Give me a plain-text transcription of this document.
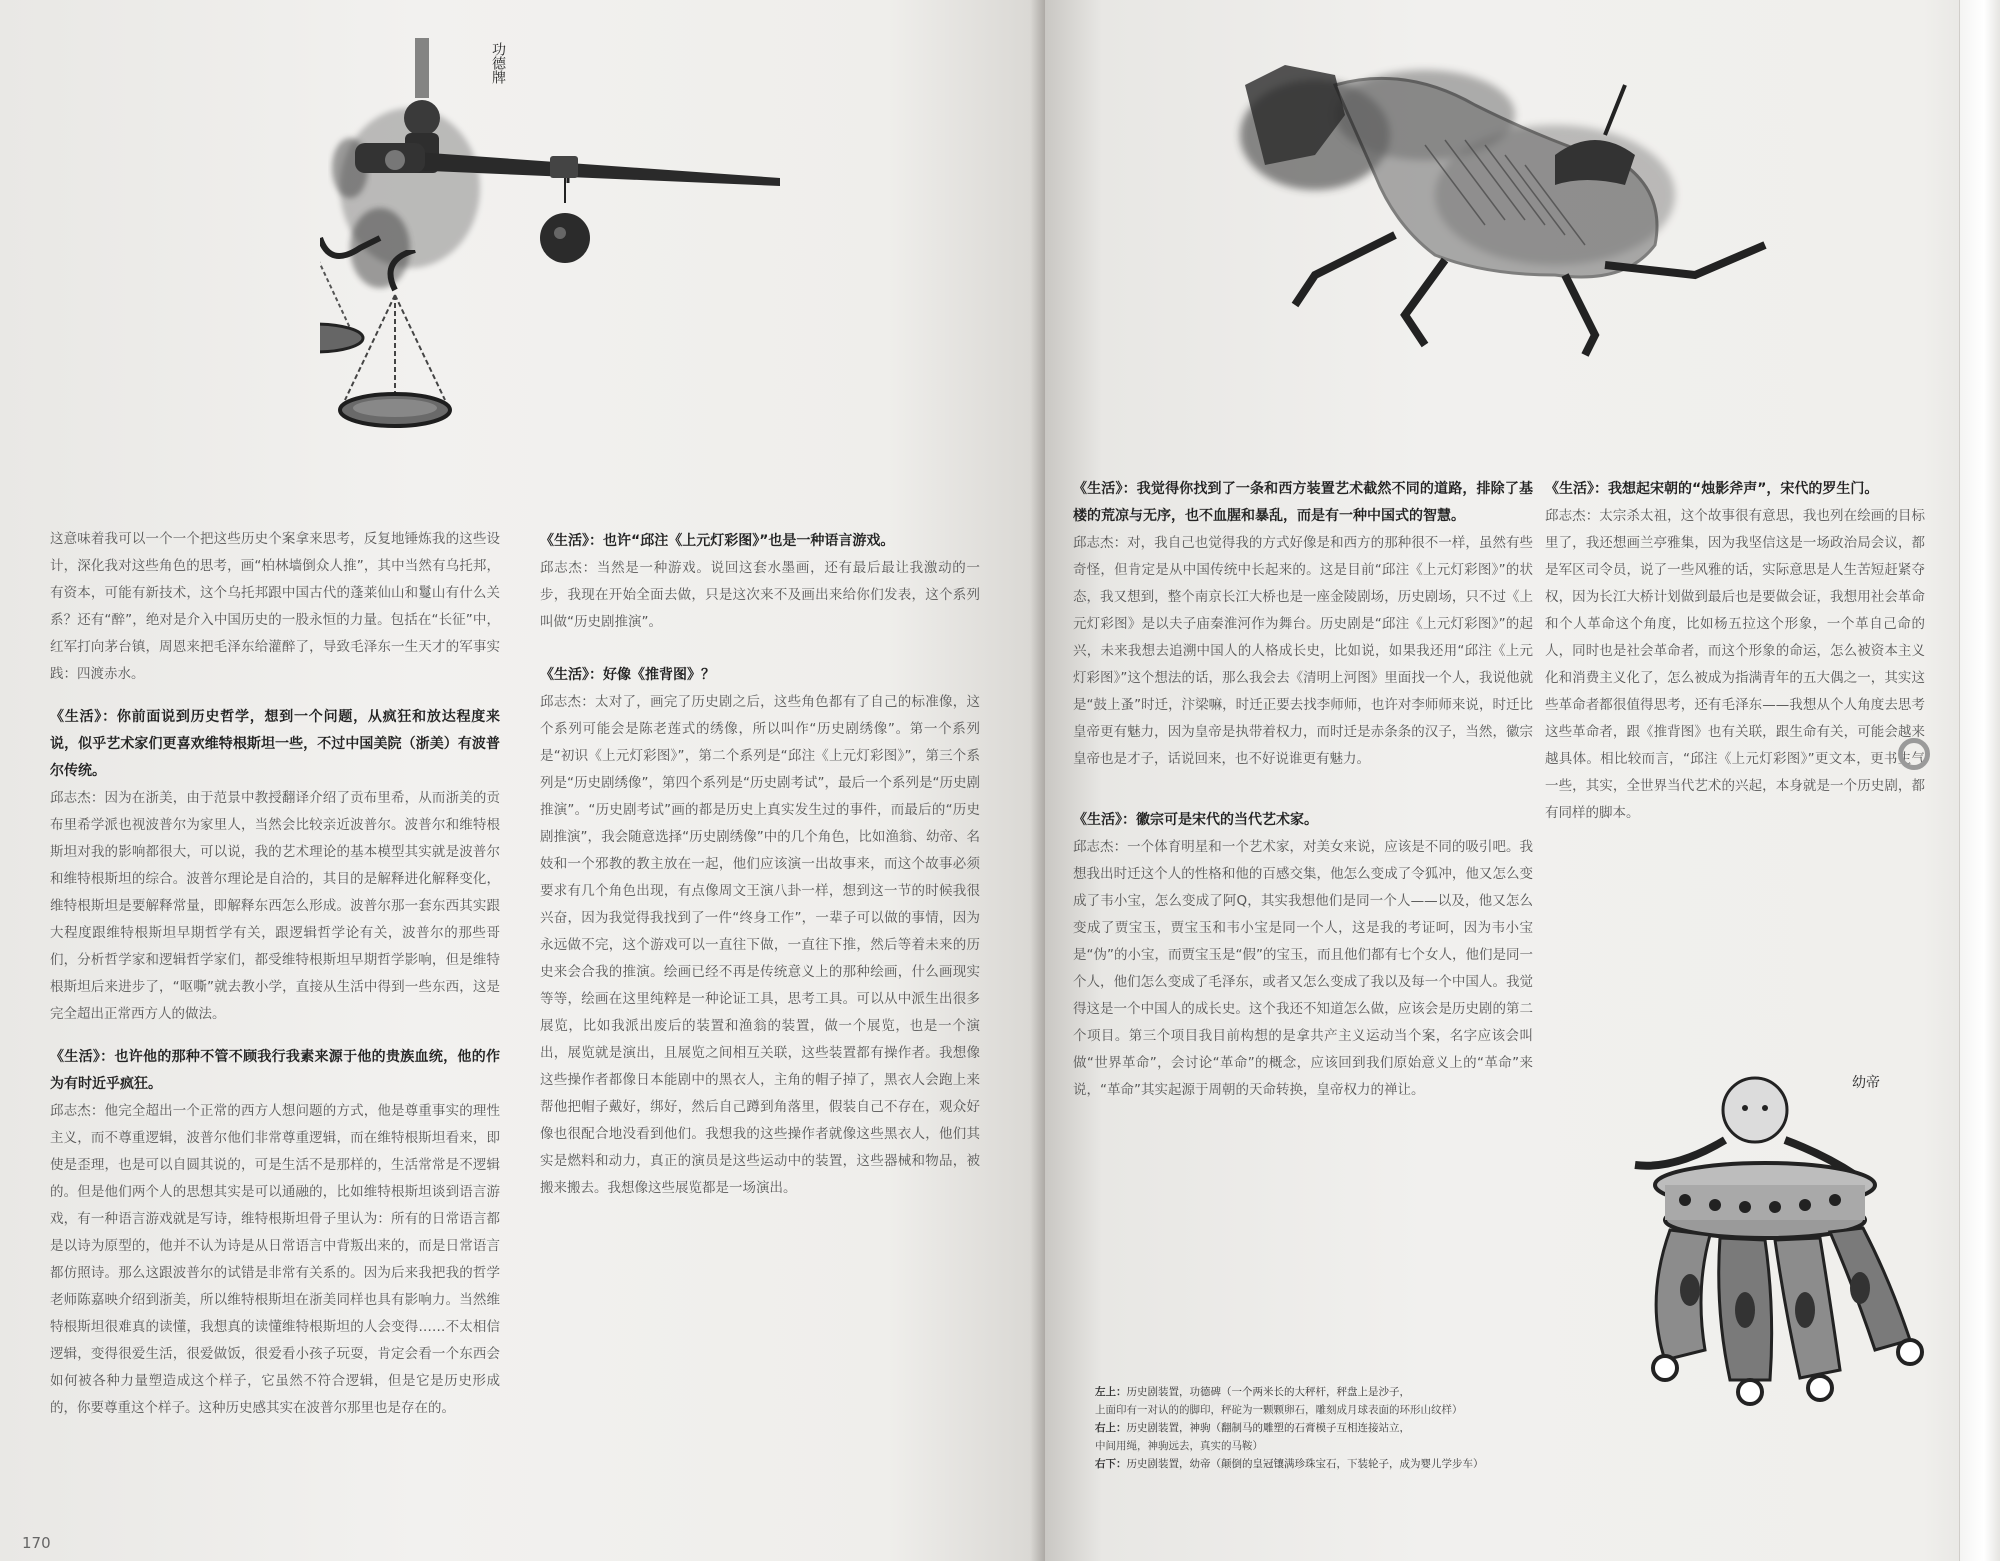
功德牌

这意味着我可以一个一个把这些历史个案拿来思考，反复地锤炼我的这些设计，深化我对这些角色的思考，画“柏林墙倒众人推”，其中当然有乌托邦，有资本，可能有新技术，这个乌托邦跟中国古代的蓬莱仙山和鬘山有什么关系？还有“醉”，绝对是介入中国历史的一股永恒的力量。包括在“长征”中，红军打向茅台镇，周恩来把毛泽东给灌醉了，导致毛泽东一生天才的军事实践：四渡赤水。

《生活》：你前面说到历史哲学，想到一个问题，从疯狂和放达程度来说，似乎艺术家们更喜欢维特根斯坦一些，不过中国美院（浙美）有波普尔传统。

邱志杰：因为在浙美，由于范景中教授翻译介绍了贡布里希，从而浙美的贡布里希学派也视波普尔为家里人，当然会比较亲近波普尔。波普尔和维特根斯坦对我的影响都很大，可以说，我的艺术理论的基本模型其实就是波普尔和维特根斯坦的综合。波普尔理论是自洽的，其目的是解释进化解释变化，维特根斯坦是要解释常量，即解释东西怎么形成。波普尔那一套东西其实跟大程度跟维特根斯坦早期哲学有关，跟逻辑哲学论有关，波普尔的那些哥们，分析哲学家和逻辑哲学家们，都受维特根斯坦早期哲学影响，但是维特根斯坦后来进步了，“呕嘶”就去教小学，直接从生活中得到一些东西，这是完全超出正常西方人的做法。

《生活》：也许他的那种不管不顾我行我素来源于他的贵族血统，他的作为有时近乎疯狂。

邱志杰：他完全超出一个正常的西方人想问题的方式，他是尊重事实的理性主义，而不尊重逻辑，波普尔他们非常尊重逻辑，而在维特根斯坦看来，即使是歪理，也是可以自圆其说的，可是生活不是那样的，生活常常是不逻辑的。但是他们两个人的思想其实是可以通融的，比如维特根斯坦谈到语言游戏，有一种语言游戏就是写诗，维特根斯坦骨子里认为：所有的日常语言都是以诗为原型的，他并不认为诗是从日常语言中背叛出来的，而是日常语言都仿照诗。那么这跟波普尔的试错是非常有关系的。因为后来我把我的哲学老师陈嘉映介绍到浙美，所以维特根斯坦在浙美同样也具有影响力。当然维特根斯坦很难真的读懂，我想真的读懂维特根斯坦的人会变得……不太相信逻辑，变得很爱生活，很爱做饭，很爱看小孩子玩耍，肯定会看一个东西会如何被各种力量塑造成这个样子，它虽然不符合逻辑，但是它是历史形成的，你要尊重这个样子。这种历史感其实在波普尔那里也是存在的。

《生活》：也许“邱注《上元灯彩图》”也是一种语言游戏。

邱志杰：当然是一种游戏。说回这套水墨画，还有最后最让我激动的一步，我现在开始全面去做，只是这次来不及画出来给你们发表，这个系列叫做“历史剧推演”。

《生活》：好像《推背图》？

邱志杰：太对了，画完了历史剧之后，这些角色都有了自己的标准像，这个系列可能会是陈老莲式的绣像，所以叫作“历史剧绣像”。第一个系列是“初识《上元灯彩图》”，第二个系列是“邱注《上元灯彩图》”，第三个系列是“历史剧绣像”，第四个系列是“历史剧考试”，最后一个系列是“历史剧推演”。“历史剧考试”画的都是历史上真实发生过的事件，而最后的“历史剧推演”，我会随意选择“历史剧绣像”中的几个角色，比如渔翁、幼帝、名妓和一个邪教的教主放在一起，他们应该演一出故事来，而这个故事必须要求有几个角色出现，有点像周文王演八卦一样，想到这一节的时候我很兴奋，因为我觉得我找到了一件“终身工作”，一辈子可以做的事情，因为永远做不完，这个游戏可以一直往下做，一直往下推，然后等着未来的历史来会合我的推演。绘画已经不再是传统意义上的那种绘画，什么画现实等等，绘画在这里纯粹是一种论证工具，思考工具。可以从中派生出很多展览，比如我派出废后的装置和渔翁的装置，做一个展览，也是一个演出，展览就是演出，且展览之间相互关联，这些装置都有操作者。我想像这些操作者都像日本能剧中的黑衣人，主角的帽子掉了，黑衣人会跑上来帮他把帽子戴好，绑好，然后自己蹲到角落里，假装自己不存在，观众好像也很配合地没看到他们。我想我的这些操作者就像这些黑衣人，他们其实是燃料和动力，真正的演员是这些运动中的装置，这些器械和物品，被搬来搬去。我想像这些展览都是一场演出。

170

《生活》：我觉得你找到了一条和西方装置艺术截然不同的道路，排除了基楼的荒凉与无序，也不血腥和暴乱，而是有一种中国式的智慧。

邱志杰：对，我自己也觉得我的方式好像是和西方的那种很不一样，虽然有些奇怪，但肯定是从中国传统中长起来的。这是目前“邱注《上元灯彩图》”的状态，我又想到，整个南京长江大桥也是一座金陵剧场，历史剧场，只不过《上元灯彩图》是以夫子庙秦淮河作为舞台。历史剧是“邱注《上元灯彩图》”的起兴，未来我想去追溯中国人的人格成长史，比如说，如果我还用“邱注《上元灯彩图》”这个想法的话，那么我会去《清明上河图》里面找一个人，我说他就是“鼓上蚤”时迁，汴梁嘛，时迁正要去找李师师，也许对李师师来说，时迁比皇帝更有魅力，因为皇帝是执带着权力，而时迁是赤条条的汉子，当然，徽宗皇帝也是才子，话说回来，也不好说谁更有魅力。

《生活》：徽宗可是宋代的当代艺术家。

邱志杰：一个体育明星和一个艺术家，对美女来说，应该是不同的吸引吧。我想我出时迁这个人的性格和他的百感交集，他怎么变成了令狐冲，他又怎么变成了韦小宝，怎么变成了阿Q，其实我想他们是同一个人——以及，他又怎么变成了贾宝玉，贾宝玉和韦小宝是同一个人，这是我的考证呵，因为韦小宝是“伪”的小宝，而贾宝玉是“假”的宝玉，而且他们都有七个女人，他们是同一个人，他们怎么变成了毛泽东，或者又怎么变成了我以及每一个中国人。我觉得这是一个中国人的成长史。这个我还不知道怎么做，应该会是历史剧的第二个项目。第三个项目我目前构想的是拿共产主义运动当个案，名字应该会叫做“世界革命”，会讨论“革命”的概念，应该回到我们原始意义上的“革命”来说，“革命”其实起源于周朝的天命转换，皇帝权力的禅让。

《生活》：我想起宋朝的“烛影斧声”，宋代的罗生门。

邱志杰：太宗杀太祖，这个故事很有意思，我也列在绘画的目标里了，我还想画兰亭雅集，因为我坚信这是一场政治局会议，都是军区司令员，说了一些风雅的话，实际意思是人生苦短赶紧夺权，因为长江大桥计划做到最后也是要做会证，我想用社会革命和个人革命这个角度，比如杨五拉这个形象，一个革自己命的人，同时也是社会革命者，而这个形象的命运，怎么被资本主义化和消费主义化了，怎么被成为指满青年的五大偶之一，其实这些革命者都很值得思考，还有毛泽东——我想从个人角度去思考这些革命者，跟《推背图》也有关联，跟生命有关，可能会越来越具体。相比较而言，“邱注《上元灯彩图》”更文本，更书生气一些，其实，全世界当代艺术的兴起，本身就是一个历史剧，都有同样的脚本。

幼帝
左上：历史剧装置，功德碑（一个两米长的大秤杆，秤盘上是沙子，
上面印有一对认的的脚印，秤砣为一颗颗卵石，雕刻成月球表面的环形山纹样）
右上：历史剧装置，神驹（翻制马的雕塑的石膏模子互相连接站立，
中间用绳，神驹远去，真实的马鞍）
右下：历史剧装置，幼帝（颠倒的皇冠镶满珍珠宝石，下装轮子，成为婴儿学步车）
